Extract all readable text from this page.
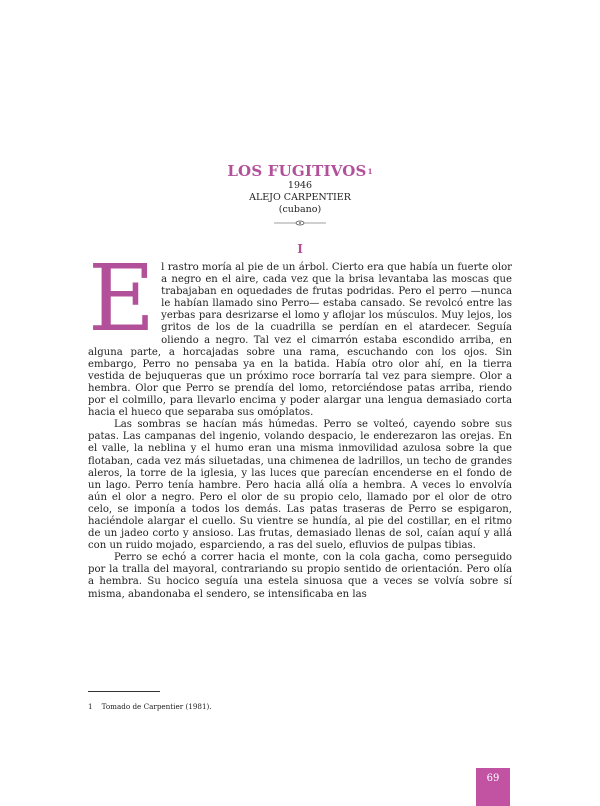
LOS FUGITIVOS$^1$
1946
ALEJO CARPENTIER
(cubano)
I

El rastro moría al pie de un árbol. Cierto era que había un fuerte olor a negro en el aire, cada vez que la brisa levantaba las moscas que trabajaban en oquedades de frutas podridas. Pero el perro —nunca le habían llamado sino Perro— estaba cansado. Se revolcó entre las yerbas para desrizarse el lomo y aflojar los músculos. Muy lejos, los gritos de los de la cuadrilla se perdían en el atardecer. Seguía oliendo a negro. Tal vez el cimarrón estaba escondido arriba, en alguna parte, a horcajadas sobre una rama, escuchando con los ojos. Sin embargo, Perro no pensaba ya en la batida. Había otro olor ahí, en la tierra vestida de bejuqueras que un próximo roce borraría tal vez para siempre. Olor a hembra. Olor que Perro se prendía del lomo, retorciéndose patas arriba, riendo por el colmillo, para llevarlo encima y poder alargar una lengua demasiado corta hacia el hueco que separaba sus omóplatos.

Las sombras se hacían más húmedas. Perro se volteó, cayendo sobre sus patas. Las campanas del ingenio, volando despacio, le enderezaron las orejas. En el valle, la neblina y el humo eran una misma inmovilidad azulosa sobre la que flotaban, cada vez más siluetadas, una chimenea de ladrillos, un techo de grandes aleros, la torre de la iglesia, y las luces que parecían encenderse en el fondo de un lago. Perro tenía hambre. Pero hacia allá olía a hembra. A veces lo envolvía aún el olor a negro. Pero el olor de su propio celo, llamado por el olor de otro celo, se imponía a todos los demás. Las patas traseras de Perro se espigaron, haciéndole alargar el cuello. Su vientre se hundía, al pie del costillar, en el ritmo de un jadeo corto y ansioso. Las frutas, demasiado llenas de sol, caían aquí y allá con un ruido mojado, esparciendo, a ras del suelo, efluvios de pulpas tibias.

Perro se echó a correr hacia el monte, con la cola gacha, como perseguido por la tralla del mayoral, contrariando su propio sentido de orientación. Pero olía a hembra. Su hocico seguía una estela sinuosa que a veces se volvía sobre sí misma, abandonaba el sendero, se intensificaba en las

1 Tomado de Carpentier (1981).
69
